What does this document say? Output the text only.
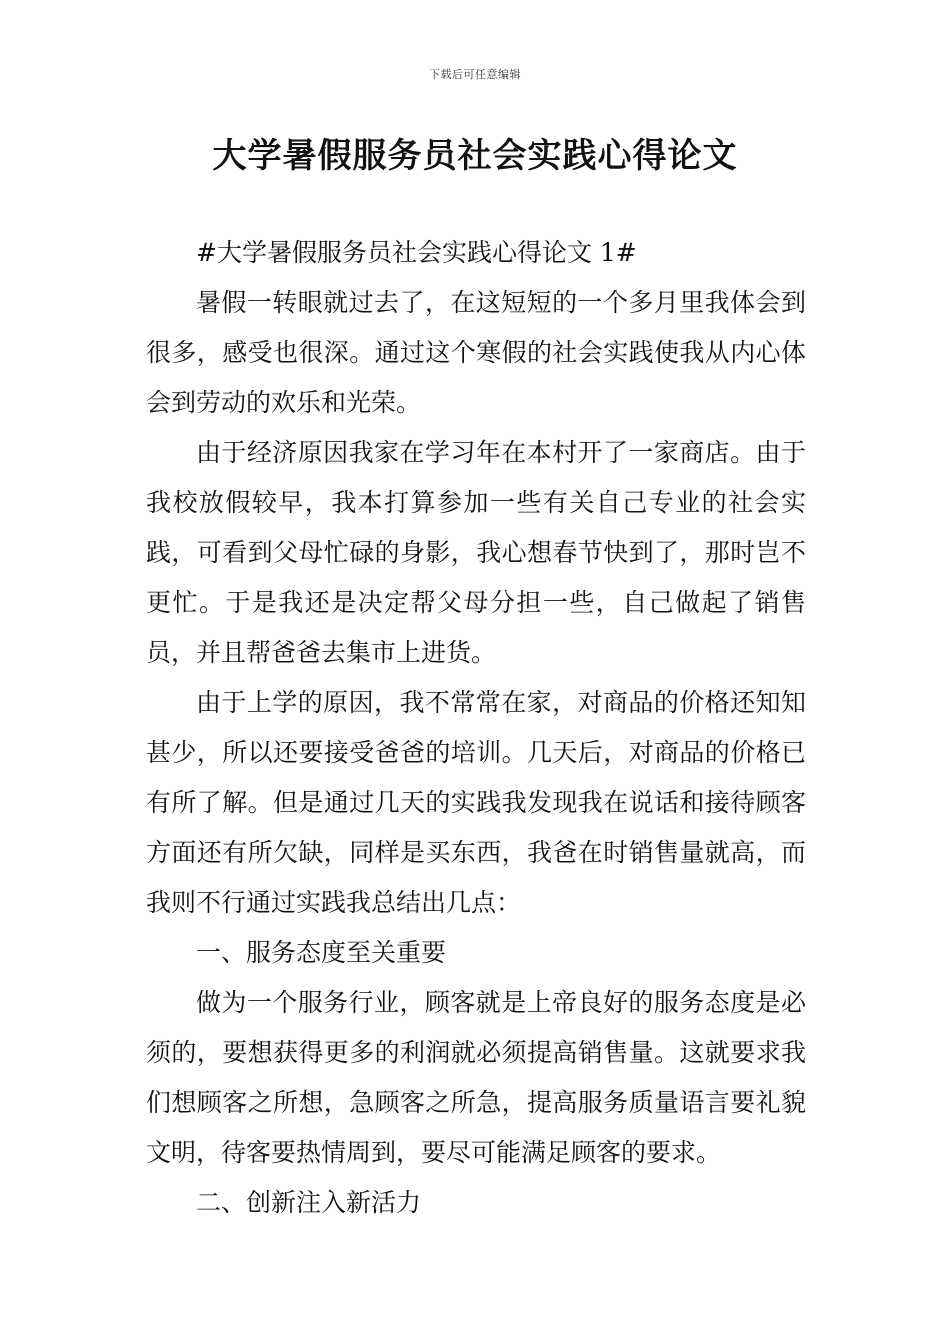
下载后可任意编辑
大学暑假服务员社会实践心得论文

#大学暑假服务员社会实践心得论文 1#

暑假一转眼就过去了，在这短短的一个多月里我体会到很多，感受也很深。通过这个寒假的社会实践使我从内心体会到劳动的欢乐和光荣。

由于经济原因我家在学习年在本村开了一家商店。由于我校放假较早，我本打算参加一些有关自己专业的社会实践，可看到父母忙碌的身影，我心想春节快到了，那时岂不更忙。于是我还是决定帮父母分担一些，自己做起了销售员，并且帮爸爸去集市上进货。

由于上学的原因，我不常常在家，对商品的价格还知知甚少，所以还要接受爸爸的培训。几天后，对商品的价格已有所了解。但是通过几天的实践我发现我在说话和接待顾客方面还有所欠缺，同样是买东西，我爸在时销售量就高，而我则不行通过实践我总结出几点：

一、服务态度至关重要

做为一个服务行业，顾客就是上帝良好的服务态度是必须的，要想获得更多的利润就必须提高销售量。这就要求我们想顾客之所想，急顾客之所急，提高服务质量语言要礼貌文明，待客要热情周到，要尽可能满足顾客的要求。

二、创新注入新活力
